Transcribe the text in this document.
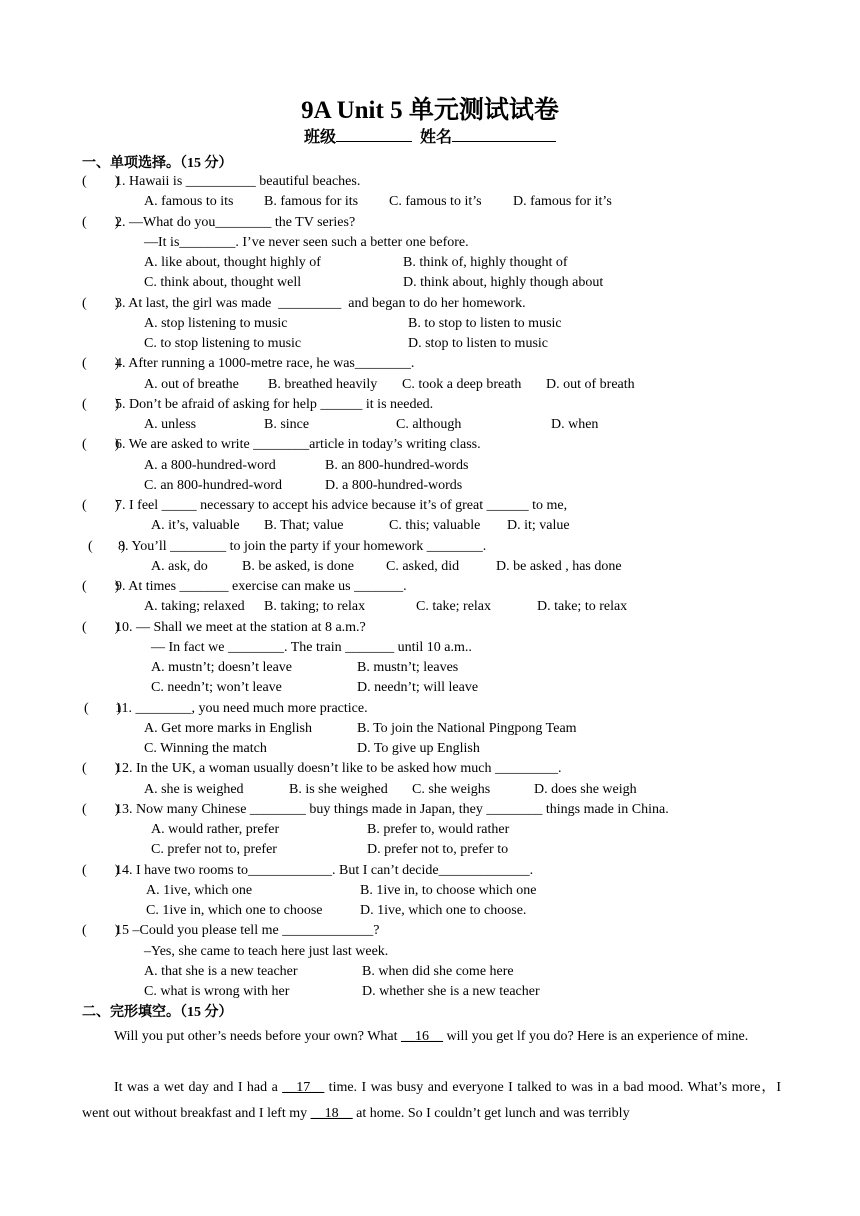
9A Unit 5 单元测试试卷
班级	姓名
一、单项选择。（15 分）
(        )
1. Hawaii is __________ beautiful beaches.
A. famous to its B. famous for its C. famous to it’s D. famous for it’s
(        )
2. —What do you________ the TV series?
—It is________. I’ve never seen such a better one before.
A. like about, thought highly of	B. think of, highly thought of
C. think about, thought well	D. think about, highly though about
(        )
3. At last, the girl was made  _________  and began to do her homework.
A. stop listening to music	B. to stop to listen to music
C. to stop listening to music	D. stop to listen to music
(        )
4. After running a 1000-metre race, he was________.
A. out of breathe B. breathed heavily C. took a deep breath D. out of breath
(        )
5. Don’t be afraid of asking for help ______ it is needed.
A. unless	B. since	C. although	D. when
(        )
6. We are asked to write ________article in today’s writing class.
A. a 800-hundred-word	B. an 800-hundred-words
C. an 800-hundred-word	D. a 800-hundred-words
(        )
7. I feel _____ necessary to accept his advice because it’s of great ______ to me,
A. it’s, valuable B. That; value	C. this; valuable D. it; value
(        )
8. You’ll ________ to join the party if your homework ________.
A. ask, do B. be asked, is done C. asked, did	D. be asked , has done
(        )
9. At times _______ exercise can make us _______.
A. taking; relaxed B. taking; to relax	C. take; relax	D. take; to relax
(        )
10. — Shall we meet at the station at 8 a.m.?
— In fact we ________. The train _______ until 10 a.m..
A. mustn’t; doesn’t leave	B. mustn’t; leaves
C. needn’t; won’t leave	D. needn’t; will leave
(        )
11. ________, you need much more practice.
A. Get more marks in English	B. To join the National Pingpong Team
C. Winning the match	D. To give up English
(        )
12. In the UK, a woman usually doesn’t like to be asked how much _________.
A. she is weighed	B. is she weighed C. she weighs	D. does she weigh
(        )
13. Now many Chinese ________ buy things made in Japan, they ________ things made in China.
A. would rather, prefer	B. prefer to, would rather
C. prefer not to, prefer	D. prefer not to, prefer to
(        )
14. I have two rooms to____________. But I can’t decide_____________.
A. 1ive, which one	B. 1ive in, to choose which one
C. 1ive in, which one to choose	D. 1ive, which one to choose.
(        )
15 –Could you please tell me _____________?
–Yes, she came to teach here just last week.
A. that she is a new teacher	B. when did she come here
C. what is wrong with her	D. whether she is a new teacher
二、完形填空。（15 分）
Will you put other’s needs before your own? What __16__ will you get lf you do? Here is an experience of mine.
It was a wet day and I had a __17__ time. I was busy and everyone I talked to was in a bad mood. What’s more，I went out without breakfast and I left my __18__ at home. So I couldn’t get lunch and was terribly
